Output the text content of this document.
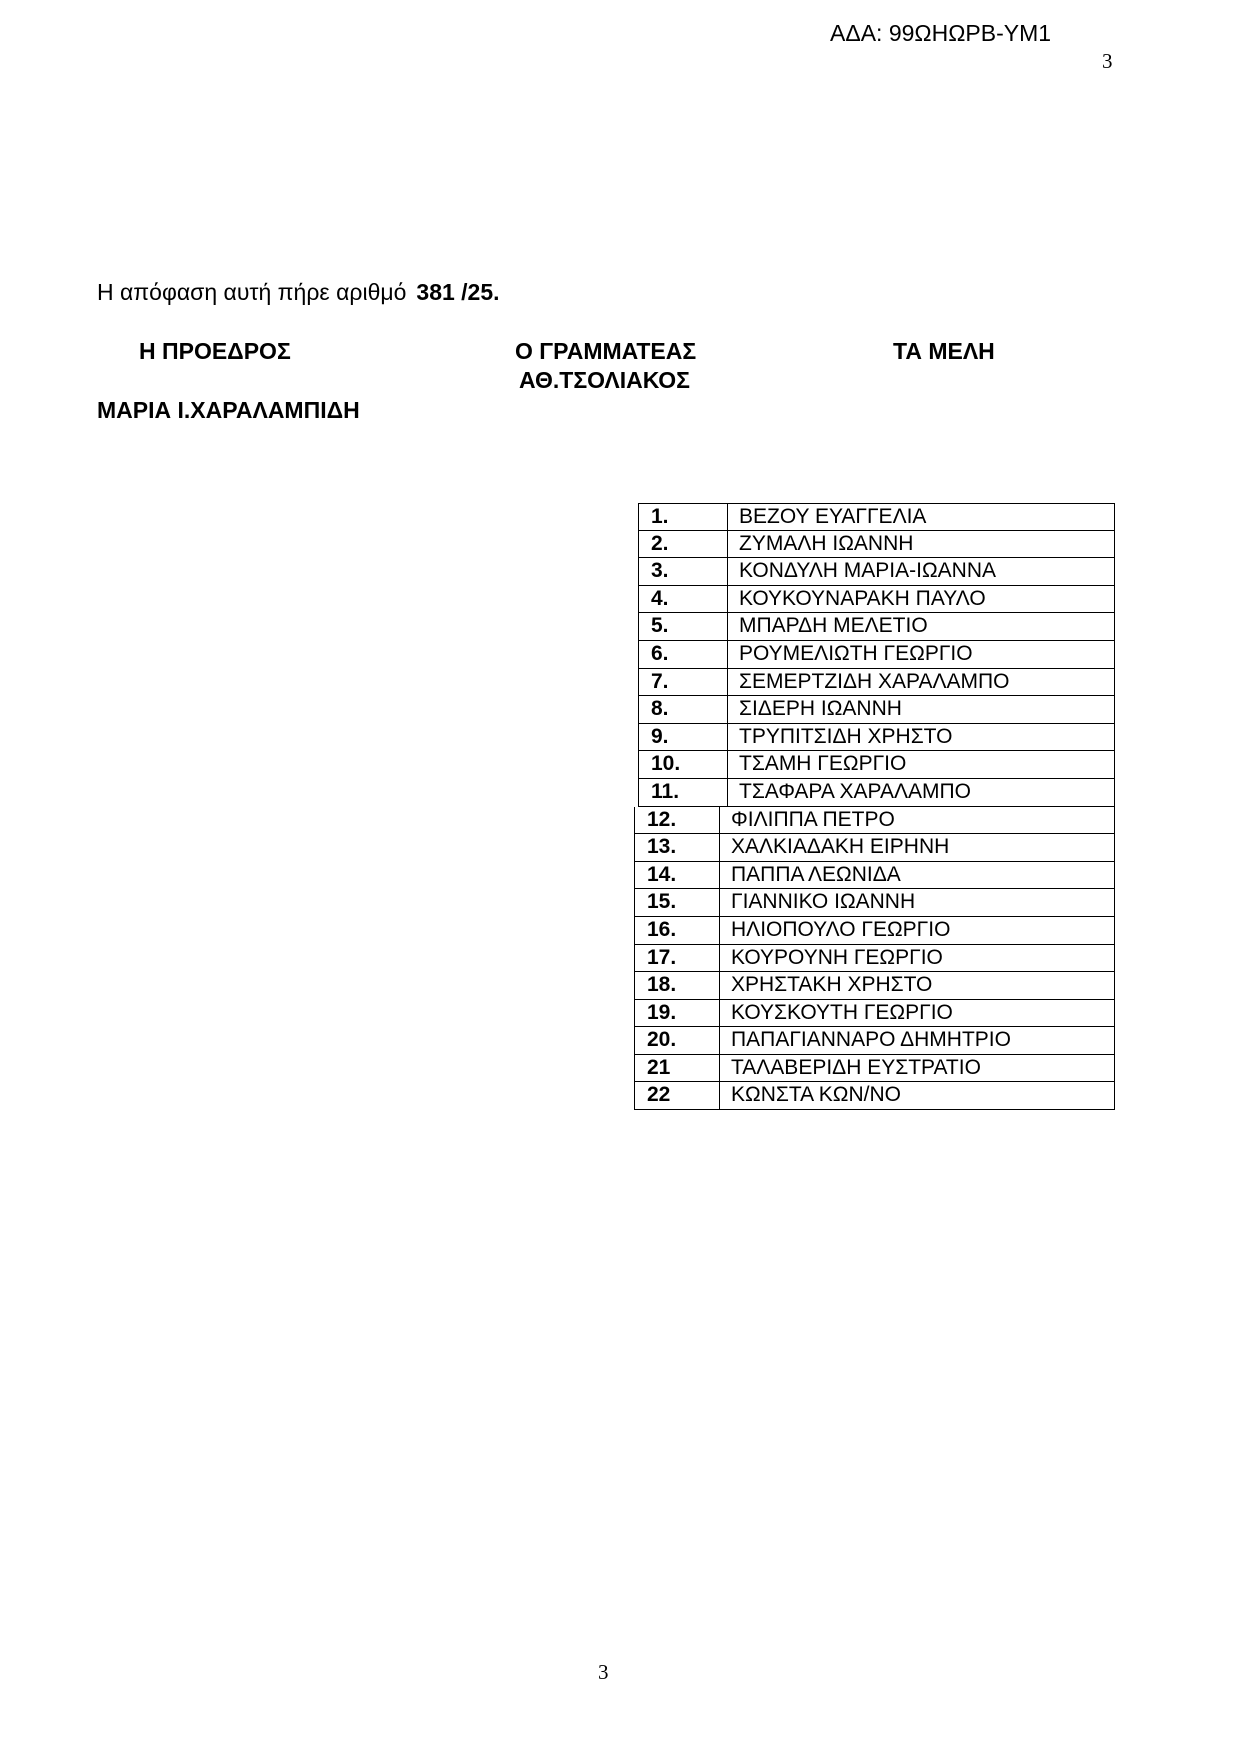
ΑΔΑ: 99ΩΗΩΡΒ-ΥΜ1
3
Η απόφαση αυτή πήρε αριθμό 381 /25.
Η ΠΡΟΕΔΡΟΣ	Ο ΓΡΑΜΜΑΤΕΑΣ	ΤΑ ΜΕΛΗ
ΑΘ.ΤΣΟΛΙΑΚΟΣ
ΜΑΡΙΑ Ι.ΧΑΡΑΛΑΜΠΙΔΗ
1.	ΒΕΖΟΥ ΕΥΑΓΓΕΛΙΑ
2.	ΖΥΜΑΛΗ ΙΩΑΝΝΗ
3.	ΚΟΝΔΥΛΗ ΜΑΡΙΑ-ΙΩΑΝΝΑ
4.	ΚΟΥΚΟΥΝΑΡΑΚΗ ΠΑΥΛΟ
5.	ΜΠΑΡΔΗ ΜΕΛΕΤΙΟ
6.	ΡΟΥΜΕΛΙΩΤΗ ΓΕΩΡΓΙΟ
7.	ΣΕΜΕΡΤΖΙΔΗ ΧΑΡΑΛΑΜΠΟ
8.	ΣΙΔΕΡΗ ΙΩΑΝΝΗ
9.	ΤΡΥΠΙΤΣΙΔΗ ΧΡΗΣΤΟ
10.	ΤΣΑΜΗ ΓΕΩΡΓΙΟ
11.	ΤΣΑΦΑΡΑ ΧΑΡΑΛΑΜΠΟ
12.	ΦΙΛΙΠΠΑ ΠΕΤΡΟ
13.	ΧΑΛΚΙΑΔΑΚΗ ΕΙΡΗΝΗ
14.	ΠΑΠΠΑ ΛΕΩΝΙΔΑ
15.	ΓΙΑΝΝΙΚΟ ΙΩΑΝΝΗ
16.	ΗΛΙΟΠΟΥΛΟ ΓΕΩΡΓΙΟ
17.	ΚΟΥΡΟΥΝΗ ΓΕΩΡΓΙΟ
18.	ΧΡΗΣΤΑΚΗ ΧΡΗΣΤΟ
19.	ΚΟΥΣΚΟΥΤΗ ΓΕΩΡΓΙΟ
20.	ΠΑΠΑΓΙΑΝΝΑΡΟ ΔΗΜΗΤΡΙΟ
21	ΤΑΛΑΒΕΡΙΔΗ ΕΥΣΤΡΑΤΙΟ
22	ΚΩΝΣΤΑ ΚΩΝ/ΝΟ
3
